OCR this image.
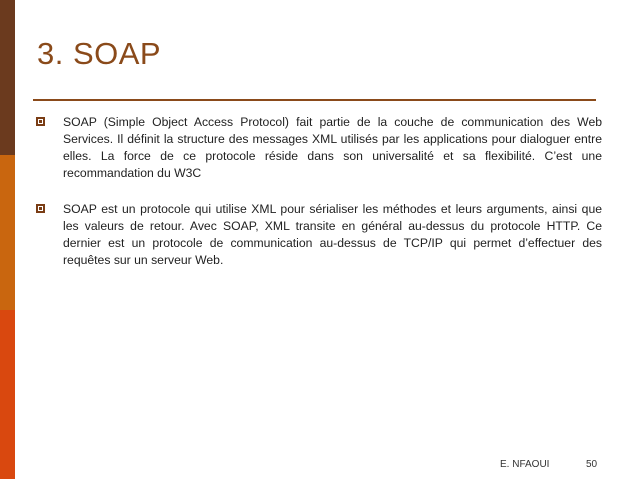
3. SOAP
SOAP (Simple Object Access Protocol) fait partie de la couche de communication des Web Services. Il définit la structure des messages XML utilisés par les applications pour dialoguer entre elles. La force de ce protocole réside dans son universalité et sa flexibilité. C’est une recommandation du W3C
SOAP est un protocole qui utilise XML pour sérialiser les méthodes et leurs arguments, ainsi que les valeurs de retour. Avec SOAP, XML transite en général au-dessus du protocole HTTP. Ce dernier est un protocole de communication au-dessus de TCP/IP qui permet d’effectuer des requêtes sur un serveur Web.
E. NFAOUI	50
